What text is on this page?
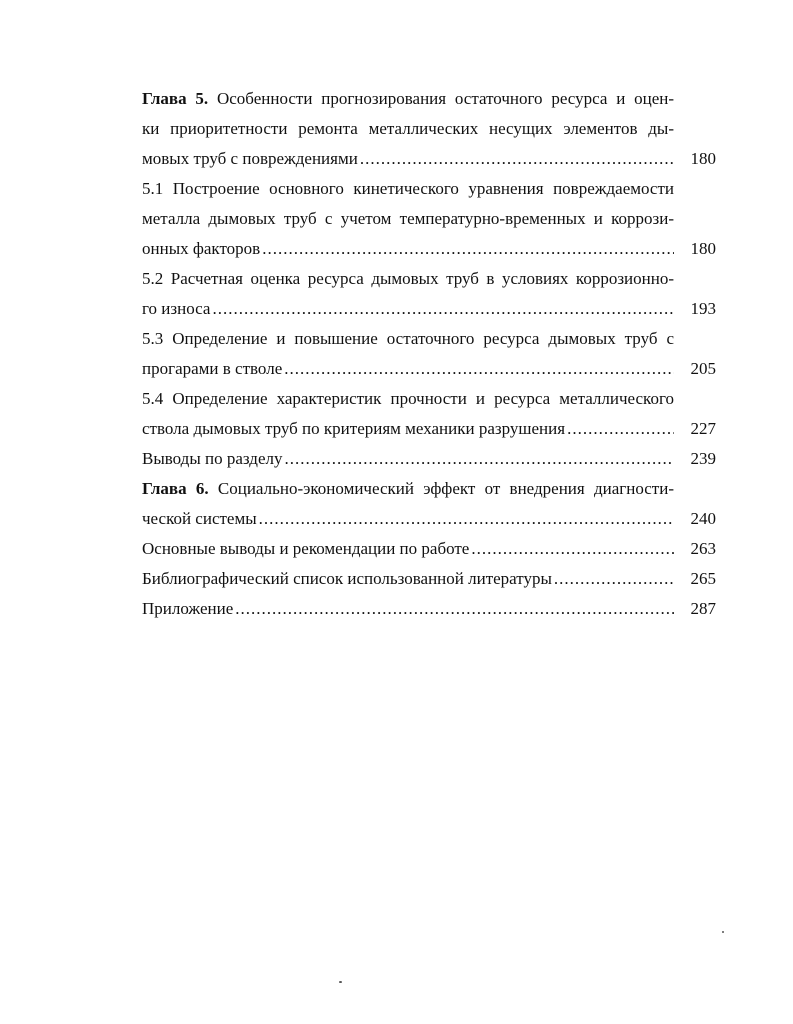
Глава 5. Особенности прогнозирования остаточного ресурса и оцен-
ки приоритетности ремонта металлических несущих элементов ды-
мовых труб с повреждениями .....	180
5.1 Построение основного кинетического уравнения повреждаемости
металла дымовых труб с учетом температурно-временных и коррози-
онных факторов .....	180
5.2 Расчетная оценка ресурса дымовых труб в условиях коррозионно-
го износа .....	193
5.3 Определение и повышение остаточного ресурса дымовых труб с
прогарами в стволе .....	205
5.4 Определение характеристик прочности и ресурса металлического
ствола дымовых труб по критериям механики разрушения .....	227
Выводы по разделу .....	239
Глава 6. Социально-экономический эффект от внедрения диагности-
ческой системы .....	240
Основные выводы и рекомендации по работе .....	263
Библиографический список использованной литературы .....	265
Приложение .....	287
